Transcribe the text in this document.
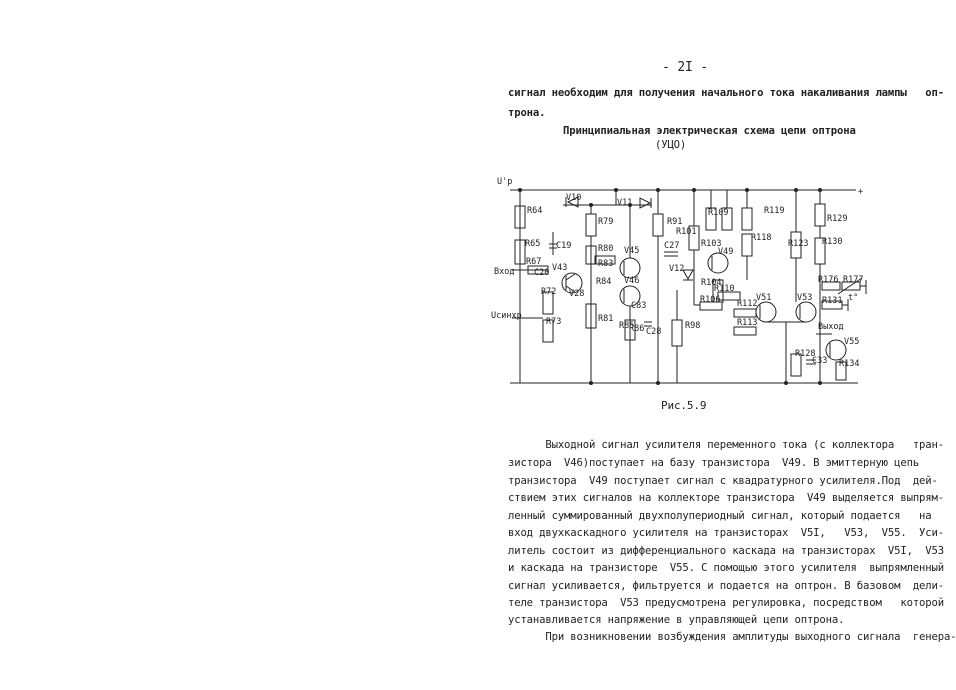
- 2I -
сигнал необходим для получения начального тока накаливания лампы   оп-
трона.
Принципиальная электрическая схема цепи оптрона
(УЦО)
U'р
+
Вход
Uсинхр
Выход
t°
R64
R65
R67
R72
R73
V10	V11
R79
R80
C19
R83
V43
C20
V28
V45
V46
R84
R81
R85
R86 C28
C83
R91
C27
V12
R98
R101
R103
R109	R119
R118
V49
R104
R110
R106 R112
R113
V51	V53
R123
R129
R130
R176 R177
R131
R128
C33
V55
R134
Рис.5.9
Выходной сигнал усилителя переменного тока (с коллектора   тран-
зистора  V46)поступает на базу транзистора  V49. В эмиттерную цепь
транзистора  V49 поступает сигнал с квадратурного усилителя.Под  дей-
ствием этих сигналов на коллекторе транзистора  V49 выделяется выпрям-
ленный суммированный двухполупериодный сигнал, который подается   на
вход двухкаскадного усилителя на транзисторах  V5I,   V53,  V55.  Уси-
литель состоит из дифференциального каскада на транзисторах  V5I,  V53
и каскада на транзисторе  V55. С помощью этого усилителя  выпрямленный
сигнал усиливается, фильтруется и подается на оптрон. В базовом  дели-
теле транзистора  V53 предусмотрена регулировка, посредством   которой
устанавливается напряжение в управляющей цепи оптрона.
При возникновении возбуждения амплитуды выходного сигнала  генера-
